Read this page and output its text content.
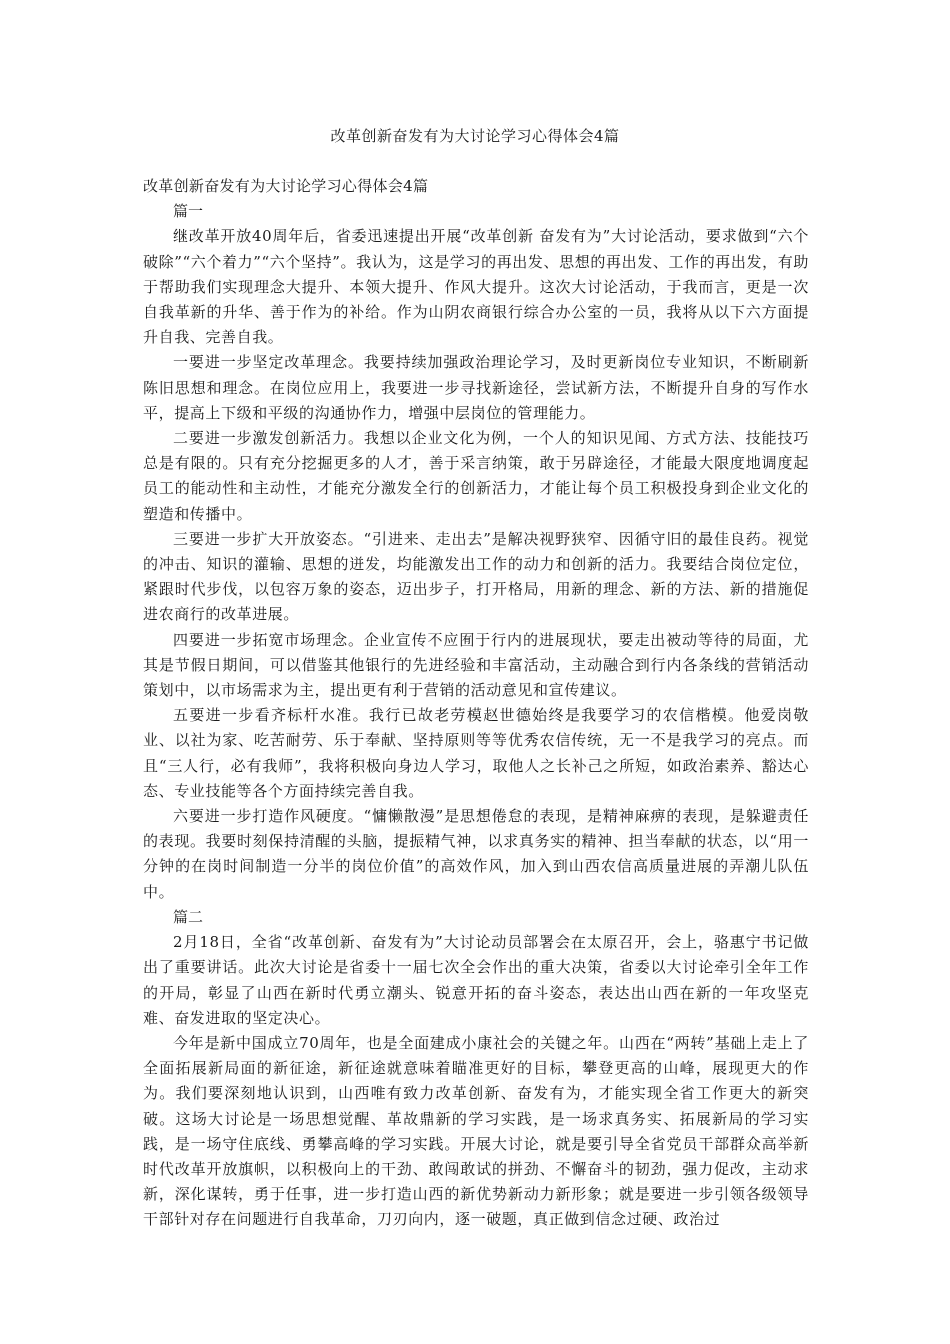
改革创新奋发有为大讨论学习心得体会4篇

改革创新奋发有为大讨论学习心得体会4篇

篇一

继改革开放40周年后，省委迅速提出开展“改革创新 奋发有为”大讨论活动，要求做到“六个破除”“六个着力”“六个坚持”。我认为，这是学习的再出发、思想的再出发、工作的再出发，有助于帮助我们实现理念大提升、本领大提升、作风大提升。这次大讨论活动，于我而言，更是一次自我革新的升华、善于作为的补给。作为山阴农商银行综合办公室的一员，我将从以下六方面提升自我、完善自我。

一要进一步坚定改革理念。我要持续加强政治理论学习，及时更新岗位专业知识，不断刷新陈旧思想和理念。在岗位应用上，我要进一步寻找新途径，尝试新方法，不断提升自身的写作水平，提高上下级和平级的沟通协作力，增强中层岗位的管理能力。

二要进一步激发创新活力。我想以企业文化为例，一个人的知识见闻、方式方法、技能技巧总是有限的。只有充分挖掘更多的人才，善于采言纳策，敢于另辟途径，才能最大限度地调度起员工的能动性和主动性，才能充分激发全行的创新活力，才能让每个员工积极投身到企业文化的塑造和传播中。

三要进一步扩大开放姿态。“引进来、走出去”是解决视野狭窄、因循守旧的最佳良药。视觉的冲击、知识的灌输、思想的迸发，均能激发出工作的动力和创新的活力。我要结合岗位定位，紧跟时代步伐，以包容万象的姿态，迈出步子，打开格局，用新的理念、新的方法、新的措施促进农商行的改革进展。

四要进一步拓宽市场理念。企业宣传不应囿于行内的进展现状，要走出被动等待的局面，尤其是节假日期间，可以借鉴其他银行的先进经验和丰富活动，主动融合到行内各条线的营销活动策划中，以市场需求为主，提出更有利于营销的活动意见和宣传建议。

五要进一步看齐标杆水准。我行已故老劳模赵世德始终是我要学习的农信楷模。他爱岗敬业、以社为家、吃苦耐劳、乐于奉献、坚持原则等等优秀农信传统，无一不是我学习的亮点。而且“三人行，必有我师”，我将积极向身边人学习，取他人之长补己之所短，如政治素养、豁达心态、专业技能等各个方面持续完善自我。

六要进一步打造作风硬度。“慵懒散漫”是思想倦怠的表现，是精神麻痹的表现，是躲避责任的表现。我要时刻保持清醒的头脑，提振精气神，以求真务实的精神、担当奉献的状态，以“用一分钟的在岗时间制造一分半的岗位价值”的高效作风，加入到山西农信高质量进展的弄潮儿队伍中。

篇二

2月18日，全省“改革创新、奋发有为”大讨论动员部署会在太原召开，会上，骆惠宁书记做出了重要讲话。此次大讨论是省委十一届七次全会作出的重大决策，省委以大讨论牵引全年工作的开局，彰显了山西在新时代勇立潮头、锐意开拓的奋斗姿态，表达出山西在新的一年攻坚克难、奋发进取的坚定决心。

今年是新中国成立70周年，也是全面建成小康社会的关键之年。山西在“两转”基础上走上了全面拓展新局面的新征途，新征途就意味着瞄准更好的目标，攀登更高的山峰，展现更大的作为。我们要深刻地认识到，山西唯有致力改革创新、奋发有为，才能实现全省工作更大的新突破。这场大讨论是一场思想觉醒、革故鼎新的学习实践，是一场求真务实、拓展新局的学习实践，是一场守住底线、勇攀高峰的学习实践。开展大讨论，就是要引导全省党员干部群众高举新时代改革开放旗帜，以积极向上的干劲、敢闯敢试的拼劲、不懈奋斗的韧劲，强力促改，主动求新，深化谋转，勇于任事，进一步打造山西的新优势新动力新形象；就是要进一步引领各级领导干部针对存在问题进行自我革命，刀刃向内，逐一破题，真正做到信念过硬、政治过
